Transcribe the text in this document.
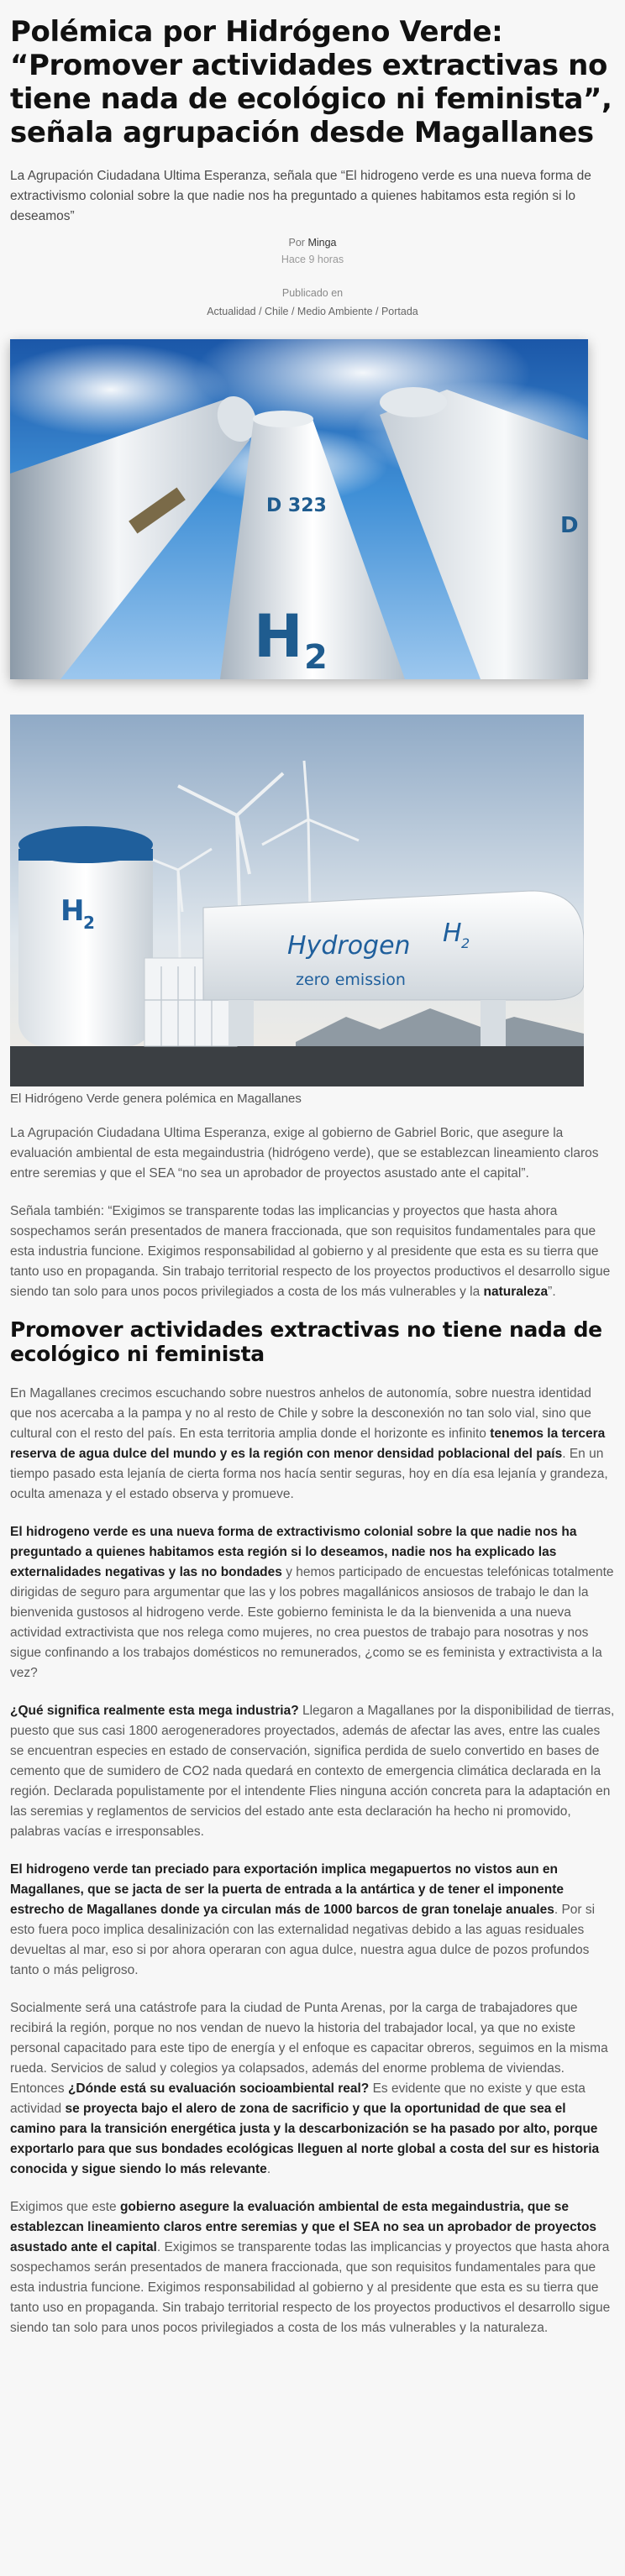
Polémica por Hidrógeno Verde: “Promover actividades extractivas no tiene nada de ecológico ni feminista”, señala agrupación desde Magallanes

La Agrupación Ciudadana Ultima Esperanza, señala que “El hidrogeno verde es una nueva forma de extractivismo colonial sobre la que nadie nos ha preguntado a quienes habitamos esta región si lo deseamos”

Por Minga
Hace 9 horas
Publicado en
Actualidad / Chile / Medio Ambiente / Portada
H 2
D 323
D
H
2
Hydrogen H 2
zero emission
El Hidrógeno Verde genera polémica en Magallanes

La Agrupación Ciudadana Ultima Esperanza, exige al gobierno de Gabriel Boric, que asegure la evaluación ambiental de esta megaindustria (hidrógeno verde), que se establezcan lineamiento claros entre seremias y que el SEA “no sea un aprobador de proyectos asustado ante el capital”.

Señala también: “Exigimos se transparente todas las implicancias y proyectos que hasta ahora sospechamos serán presentados de manera fraccionada, que son requisitos fundamentales para que esta industria funcione. Exigimos responsabilidad al gobierno y al presidente que esta es su tierra que tanto uso en propaganda. Sin trabajo territorial respecto de los proyectos productivos el desarrollo sigue siendo tan solo para unos pocos privilegiados a costa de los más vulnerables y la naturaleza”.

Promover actividades extractivas no tiene nada de ecológico ni feminista

En Magallanes crecimos escuchando sobre nuestros anhelos de autonomía, sobre nuestra identidad que nos acercaba a la pampa y no al resto de Chile y sobre la desconexión no tan solo vial, sino que cultural con el resto del país. En esta territoria amplia donde el horizonte es infinito tenemos la tercera reserva de agua dulce del mundo y es la región con menor densidad poblacional del país. En un tiempo pasado esta lejanía de cierta forma nos hacía sentir seguras, hoy en día esa lejanía y grandeza, oculta amenaza y el estado observa y promueve.

El hidrogeno verde es una nueva forma de extractivismo colonial sobre la que nadie nos ha preguntado a quienes habitamos esta región si lo deseamos, nadie nos ha explicado las externalidades negativas y las no bondades y hemos participado de encuestas telefónicas totalmente dirigidas de seguro para argumentar que las y los pobres magallánicos ansiosos de trabajo le dan la bienvenida gustosos al hidrogeno verde. Este gobierno feminista le da la bienvenida a una nueva actividad extractivista que nos relega como mujeres, no crea puestos de trabajo para nosotras y nos sigue confinando a los trabajos domésticos no remunerados, ¿como se es feminista y extractivista a la vez?

¿Qué significa realmente esta mega industria? Llegaron a Magallanes por la disponibilidad de tierras, puesto que sus casi 1800 aerogeneradores proyectados, además de afectar las aves, entre las cuales se encuentran especies en estado de conservación, significa perdida de suelo convertido en bases de cemento que de sumidero de CO2 nada quedará en contexto de emergencia climática declarada en la región. Declarada populistamente por el intendente Flies ninguna acción concreta para la adaptación en las seremias y reglamentos de servicios del estado ante esta declaración ha hecho ni promovido, palabras vacías e irresponsables.

El hidrogeno verde tan preciado para exportación implica megapuertos no vistos aun en Magallanes, que se jacta de ser la puerta de entrada a la antártica y de tener el imponente estrecho de Magallanes donde ya circulan más de 1000 barcos de gran tonelaje anuales. Por si esto fuera poco implica desalinización con las externalidad negativas debido a las aguas residuales devueltas al mar, eso si por ahora operaran con agua dulce, nuestra agua dulce de pozos profundos tanto o más peligroso.

Socialmente será una catástrofe para la ciudad de Punta Arenas, por la carga de trabajadores que recibirá la región, porque no nos vendan de nuevo la historia del trabajador local, ya que no existe personal capacitado para este tipo de energía y el enfoque es capacitar obreros, seguimos en la misma rueda. Servicios de salud y colegios ya colapsados, además del enorme problema de viviendas. Entonces ¿Dónde está su evaluación socioambiental real? Es evidente que no existe y que esta actividad se proyecta bajo el alero de zona de sacrificio y que la oportunidad de que sea el camino para la transición energética justa y la descarbonización se ha pasado por alto, porque exportarlo para que sus bondades ecológicas lleguen al norte global a costa del sur es historia conocida y sigue siendo lo más relevante.

Exigimos que este gobierno asegure la evaluación ambiental de esta megaindustria, que se establezcan lineamiento claros entre seremias y que el SEA no sea un aprobador de proyectos asustado ante el capital. Exigimos se transparente todas las implicancias y proyectos que hasta ahora sospechamos serán presentados de manera fraccionada, que son requisitos fundamentales para que esta industria funcione. Exigimos responsabilidad al gobierno y al presidente que esta es su tierra que tanto uso en propaganda. Sin trabajo territorial respecto de los proyectos productivos el desarrollo sigue siendo tan solo para unos pocos privilegiados a costa de los más vulnerables y la naturaleza.
